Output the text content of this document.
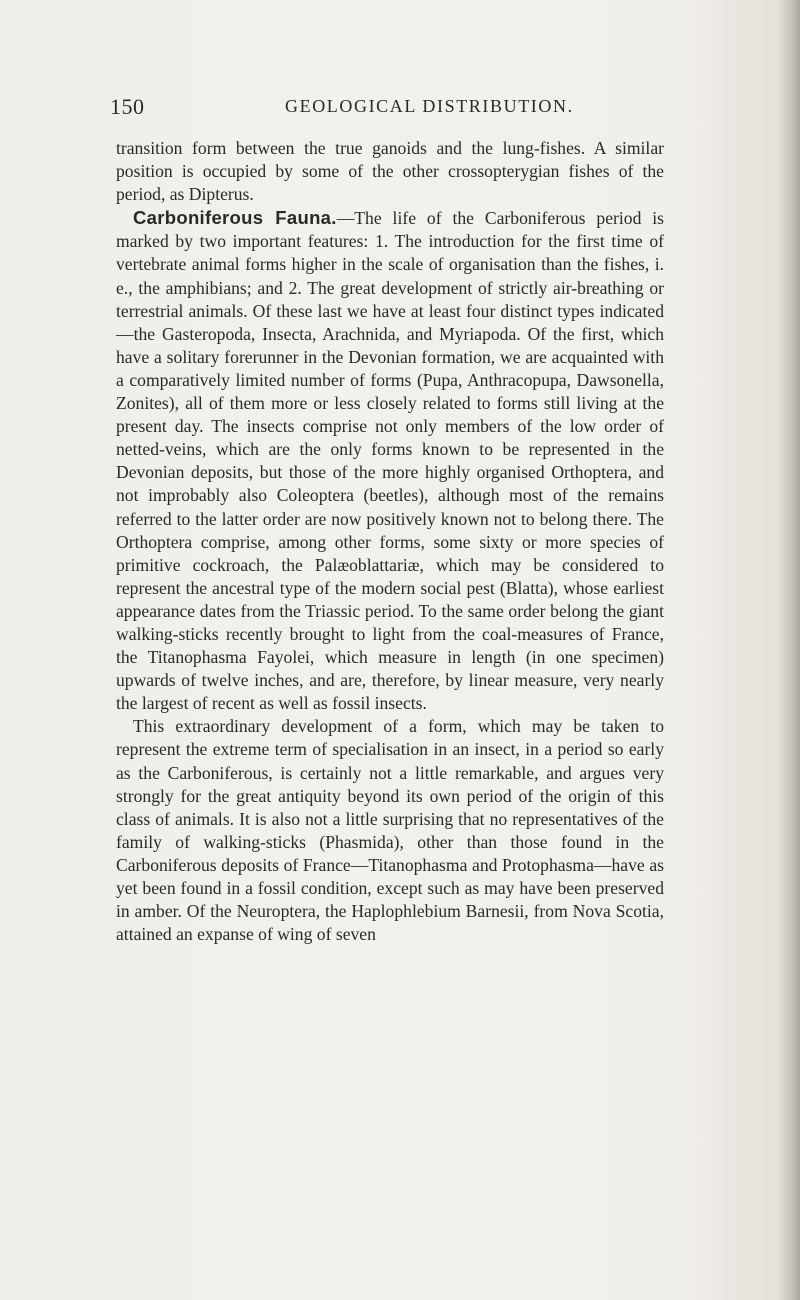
150	GEOLOGICAL DISTRIBUTION.

transition form between the true ganoids and the lung-fishes. A similar position is occupied by some of the other crossopterygian fishes of the period, as Dipterus.

Carboniferous Fauna.—The life of the Carboniferous period is marked by two important features: 1. The introduction for the first time of vertebrate animal forms higher in the scale of organisation than the fishes, i. e., the amphibians; and 2. The great development of strictly air-breathing or terrestrial animals. Of these last we have at least four distinct types indicated—the Gasteropoda, Insecta, Arachnida, and Myriapoda. Of the first, which have a solitary forerunner in the Devonian formation, we are acquainted with a comparatively limited number of forms (Pupa, Anthracopupa, Dawsonella, Zonites), all of them more or less closely related to forms still living at the present day. The insects comprise not only members of the low order of netted-veins, which are the only forms known to be represented in the Devonian deposits, but those of the more highly organised Orthoptera, and not improbably also Coleoptera (beetles), although most of the remains referred to the latter order are now positively known not to belong there. The Orthoptera comprise, among other forms, some sixty or more species of primitive cockroach, the Palæoblattariæ, which may be considered to represent the ancestral type of the modern social pest (Blatta), whose earliest appearance dates from the Triassic period. To the same order belong the giant walking-sticks recently brought to light from the coal-measures of France, the Titanophasma Fayolei, which measure in length (in one specimen) upwards of twelve inches, and are, therefore, by linear measure, very nearly the largest of recent as well as fossil insects.

This extraordinary development of a form, which may be taken to represent the extreme term of specialisation in an insect, in a period so early as the Carboniferous, is certainly not a little remarkable, and argues very strongly for the great antiquity beyond its own period of the origin of this class of animals. It is also not a little surprising that no representatives of the family of walking-sticks (Phasmida), other than those found in the Carboniferous deposits of France—Titanophasma and Protophasma—have as yet been found in a fossil condition, except such as may have been preserved in amber. Of the Neuroptera, the Haplophlebium Barnesii, from Nova Scotia, attained an expanse of wing of seven
